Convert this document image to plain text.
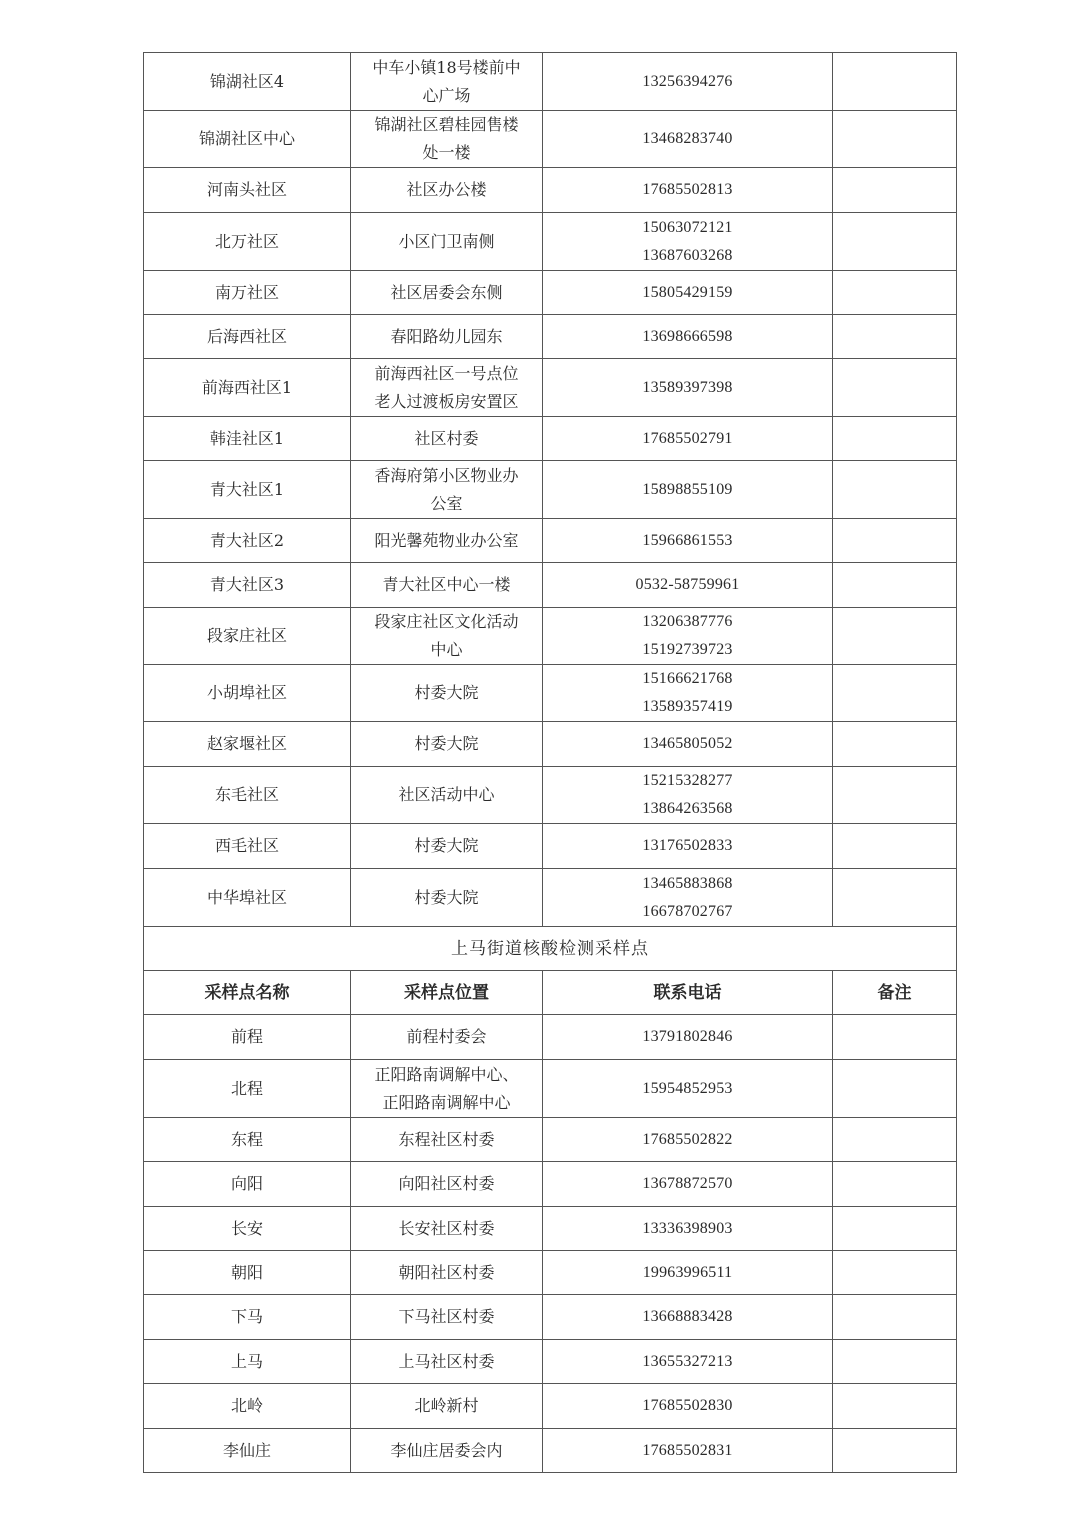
锦湖社区4	中车小镇18号楼前中
心广场	13256394276	

锦湖社区中心	锦湖社区碧桂园售楼
处一楼	13468283740	

河南头社区	社区办公楼	17685502813	

北万社区	小区门卫南侧	15063072121
13687603268	

南万社区	社区居委会东侧	15805429159	

后海西社区	春阳路幼儿园东	13698666598	

前海西社区1	前海西社区一号点位
老人过渡板房安置区	13589397398	

韩洼社区1	社区村委	17685502791	

青大社区1	香海府第小区物业办
公室	15898855109	

青大社区2	阳光馨苑物业办公室	15966861553	

青大社区3	青大社区中心一楼	0532-58759961	

段家庄社区	段家庄社区文化活动
中心	13206387776
15192739723	

小胡埠社区	村委大院	15166621768
13589357419	

赵家堰社区	村委大院	13465805052	

东毛社区	社区活动中心	15215328277
13864263568	

西毛社区	村委大院	13176502833	

中华埠社区	村委大院	13465883868
16678702767	

上马街道核酸检测采样点			
采样点名称	采样点位置	联系电话	备注
前程	前程村委会	13791802846	

北程	正阳路南调解中心、
正阳路南调解中心	15954852953	

东程	东程社区村委	17685502822	

向阳	向阳社区村委	13678872570	

长安	长安社区村委	13336398903	

朝阳	朝阳社区村委	19963996511	

下马	下马社区村委	13668883428	

上马	上马社区村委	13655327213	

北岭	北岭新村	17685502830	

李仙庄	李仙庄居委会内	17685502831	
